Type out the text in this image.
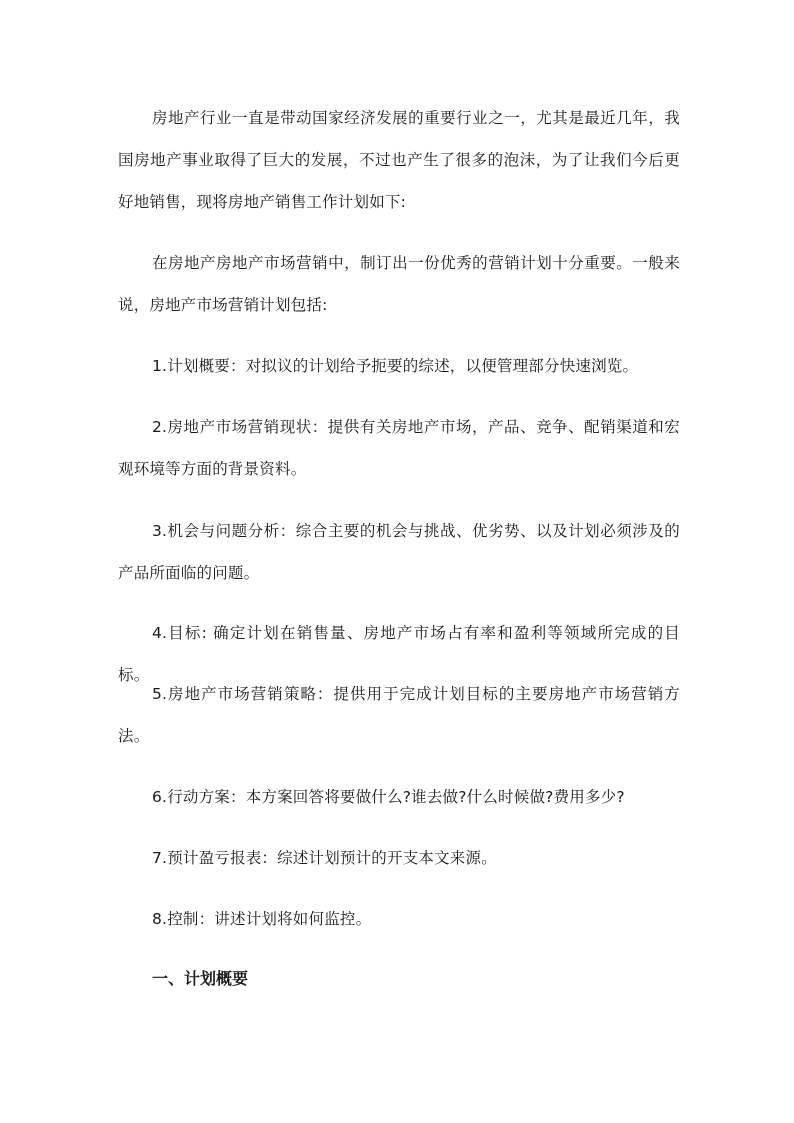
房地产行业一直是带动国家经济发展的重要行业之一，尤其是最近几年，我国房地产事业取得了巨大的发展，不过也产生了很多的泡沫，为了让我们今后更好地销售，现将房地产销售工作计划如下:

在房地产房地产市场营销中，制订出一份优秀的营销计划十分重要。一般来说，房地产市场营销计划包括:

1.计划概要：对拟议的计划给予扼要的综述，以便管理部分快速浏览。

2.房地产市场营销现状：提供有关房地产市场，产品、竞争、配销渠道和宏观环境等方面的背景资料。

3.机会与问题分析：综合主要的机会与挑战、优劣势、以及计划必须涉及的产品所面临的问题。

4.目标: 确定计划在销售量、房地产市场占有率和盈利等领域所完成的目标。

5.房地产市场营销策略：提供用于完成计划目标的主要房地产市场营销方法。

6.行动方案：本方案回答将要做什么?谁去做?什么时候做?费用多少?

7.预计盈亏报表：综述计划预计的开支本文来源。

8.控制：讲述计划将如何监控。

一、计划概要
